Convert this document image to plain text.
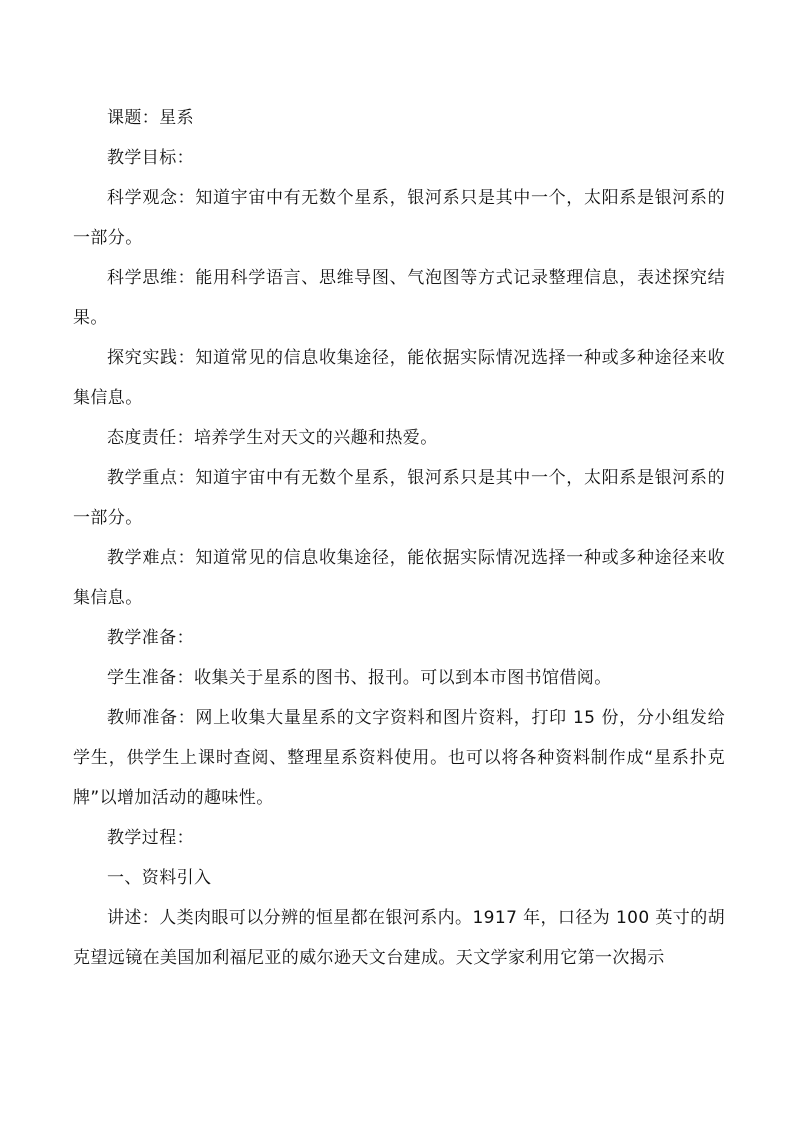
课题：星系

教学目标：

科学观念：知道宇宙中有无数个星系，银河系只是其中一个，太阳系是银河系的一部分。

科学思维：能用科学语言、思维导图、气泡图等方式记录整理信息，表述探究结果。

探究实践：知道常见的信息收集途径，能依据实际情况选择一种或多种途径来收集信息。

态度责任：培养学生对天文的兴趣和热爱。

教学重点：知道宇宙中有无数个星系，银河系只是其中一个，太阳系是银河系的一部分。

教学难点：知道常见的信息收集途径，能依据实际情况选择一种或多种途径来收集信息。

教学准备：

学生准备：收集关于星系的图书、报刊。可以到本市图书馆借阅。

教师准备：网上收集大量星系的文字资料和图片资料，打印 15 份，分小组发给学生，供学生上课时查阅、整理星系资料使用。也可以将各种资料制作成“星系扑克牌”以增加活动的趣味性。

教学过程：

一、资料引入

讲述：人类肉眼可以分辨的恒星都在银河系内。1917 年，口径为 100 英寸的胡克望远镜在美国加利福尼亚的威尔逊天文台建成。天文学家利用它第一次揭示
